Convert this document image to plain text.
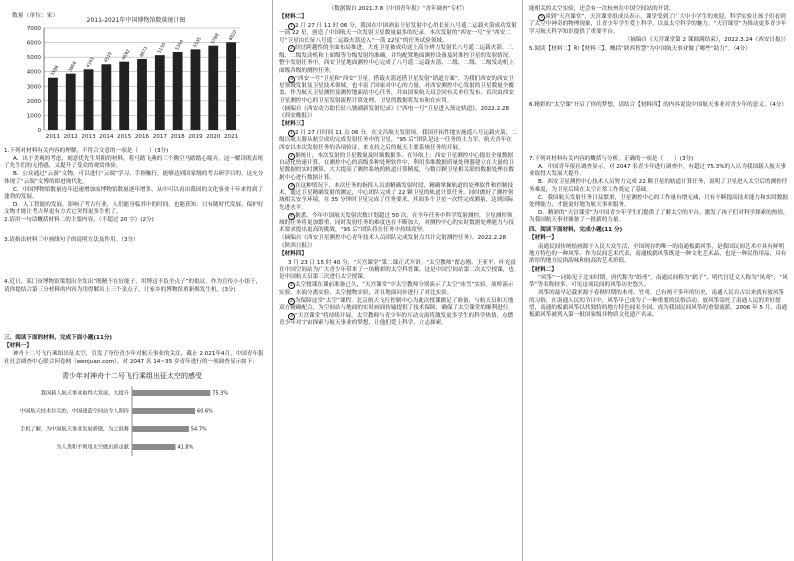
数量（单位：家）
2011-2021年中国博物馆数量统计图
7000
6000
5000
4000
3000
2000
1000
0
3589 3866 4165 4510 4692 4873 5136 5354 5535 5788 6022
2011 2012 2013 2014 2015 2016 2017 2018 2019 2020 2021
1.下列对材料有关内容的理解，不符合文意的一项是（　　）(3分)
A．出于美观的考虑，刻意优先生用粗的材料，将马踏飞燕的三个腾空马踏踏心缩弄，这一解读既表现了先生们的无措感，又提升了受众的观赏体验。
B．公众通过“云游”文物，可以进行“云端”学习、手指触行，能够达到国家级的考古研学目的，这充分体现了“云端”文博的即进现代化。
C．中国博物馆数量连年迅速增加而博物馆数量逐年增多，从中可以看出我国的文化事业十年来得到了蓬勃的发展。
D．人工智能的发展，影响了考古行业，人们能身临其中的时间，也能获知：只有随时代发展、保护好文物才能让考古界更有方式它突得更多生机了。
2.请用一句话概括材料二的主要内容。（不超过 20 字）(2分)
3.请指出材料三中画线句子的说明方法及作用。（3分）
4.近日，某门市博物馆策划出全发出“既精不在好能子，用博这不负全点子”的倡议，作为宣传小小组于，请你提结合第三分材料的内容为用得解出上三个金点子，让家乡的博物馆重新焕发生机。(3分)
三、阅读下面的材料，完成下面小题(11分)
【材料一】
神舟十二号飞行乘组出征太空，引发了身份青少年对航天事业的关注，截止 2 021年4月，中国青年报社社会调查中心联合问卷网（wenjuan.com），对 2047 名 14~35 岁青年进行的一项调查显示如下：
青少年对神舟十二号飞行乘组出征太空的感受
我国载人航天事业取得大发展，大提升
中国航天技术位尖的，中国建造空间站令人期待
手机了解，为中国航天事业发展骄傲，为之鼓舞
为人类和平利用太空做出新贡献
75.3%
60.6%
54.7%
41.8%
（数据源自 2021.7.8《中国青年报》“青年调查”专栏）
【材料二】
1 2 月 27 日 11 时 06 分，我国在中国酒泉卫星发射中心用长征八号遥二运载火箭成功发射一箭 22 星，创造了中国航天一次发射卫星数量最多的纪录。本次发射的“西安一号”至“西安二号”卫星由长征八号遥二运载火箭送入“一箭 22星”的任务试验领域。
2 经过跨越性的全面布局推进，大连卫星被成功送上高分辨力发射长八号遥二运载火箭。二级、二级发动机和上面级等分级发射均准确，并均配置地面测控设备及时准控卫星的发射情况。整个发射任务中，西安卫星地面测控中心完成了八号遥二运载火箭、二级、二级、二级发动机上面级各级的测控任务。
3 “西安一号”卫星和“西安”卫星，搭载火箭送搭卫星发射“销道方案”，为我们西安的西安卫星领域发射及卫星技术领域，也丰富了国家对中心的力量，对西安测控中心发射的卫星数量全覆盖，作为航天卫星测控及测控地面站中心任务，并由国家航天局会同有关单位发布，首次由西安卫星测控中心的卫星发射流程计算处理，卫星的数据将发布和在应用。
（摘编自《西安动力助长征八號刷新发射纪录》《“西电一号”卫星进入预定轨道》，2022.2.28《西安晚报》）
【材料三】
1 2 月 27 日时间 11 点 06 分，在文昌航天发射场，我国开拓性地实施遥八号运载火箭，二级以航天器从航空成功完成发射任务中的卫星，“95 后”团队是这一任务的主力军。航天青年在西安以本次发射任务的各项验证，来支持之后的航天主要系统任务的开展。
2 据统计，本次发射的卫星数量及时频数据多，在导航上：西安卫星测控中心提出全量数据自动化快速计算，在测控中心的高级多种处理软件中，利用多维数据质量处理器建立在大量的卫星数据的实时测算，大大提高了测控系统的轨道计算精度，与数百颗卫星相关联的数据处理在数据中心进行数据计算。
3 在这种情况下，本次任务的指挥人员需精确发射时段，精确掌握轨道的处理软件和控制技术，通过卫星精确发射的测定，中心团队完成了 22 颗卫星的轨道计算任务，同时做好了测控领域相关安全环境，在 35 分钟时卫星完成了任务要求，其间多个卫星一次性完成测量，达到国际先进水平。
4 据悉，今年中国航天发射次数计划超过 50 次，在全年任务中科学发射测控，卫星测控领域的任务将更加繁重，同时发射任务的难度也在不断加大，对测控中心的实时数据处理能力与技术要求提出更高的挑战，“95 后”团队将在任务中持续攻坚。
（摘编自《西安卫星测控中心青年技术人员团队完成发射点共计完射测控任务》，2022.2.28《陕西日报》）
【材料四】
3 月 23 日 15 时 40 分，“天宫课堂”第二课正式开讲。“太空教师”翟志刚、王亚平、叶光富在中国空间站为广大青少年带来了一场精彩的太空科普课，这是中国空间站第二次太空授课，也是中国航天员第三次进行太空授课。
1 太空授课在课前准备已久，“天宫课堂”中太空教师分别演示了太空“冰雪”实验、液桥演示实验、水油分离实验、太空抛物实验，并且地面同步进行了对比实验。
2 为保障这堂“太空”课程，北京航天飞行控制中心为此次授课做足了准备，与航天员和天地双方精确配合，为空间站与地面的实时画面传输提供了技术保障，确保了太空课堂的顺利进行。
3 “天宫课堂”将持续开展，太空教师与青少年的互动交流将激发更多学生的科学热情，点燃青少年对宇宙探索与航天事业的梦想，让他们爱上科学、立志探索。
能相关的太空实验，还会有一次杭州在中国空间站的开讲。
5 谈到“天宫课堂”，天宫课堂组成员表示，课堂受到了广大中小学生的欢迎，科学实验让孩子们看到了太空中神奇的物理现象，让青少年学生爱上科学，以及太空科学的魅力。“天宫课堂”为推动更多青少年学习航天科学知识提供了重要平台。
（摘编自《天宫课堂第 2 课圆满结束》，2022.3.24《西安日报》）
5.阅读【材料二】和【材料三】，概括“陕西智慧”为中国航天事业做了哪些“助力”。（4分）
6.精彩的“太空课”开启了你的梦想，请结合【材料四】的内容说说中国航天事业对青少年的意义。（4分）
7.下列对材料有关内容的概括与分析，正确的一项是（　　）(3分)
A．中国青年报社调查显示，对 2047 名青少年进行调查中，有超过 75.3%的人认为我国载人航天事业取得大发展大提升。
B．西安卫星测控中心技术人员努力完成 22 颗卫星的轨道计算任务，说明了卫星进入太空后的测控任务难度，为卫星后续在太空正常工作奠定了基础。
C．我国航天发射任务日益繁重，卫星测控中心的工作量有增无减，只有不断提高技术能力和实时数据处理能力，才能更好地为航天事业服务。
D．精彩的“天宫课堂”为中国青少年学生们提供了了解太空的平台，激发了孩子们对科学探索的热情，为我国航天事业储备了一批新的力量。
四、阅读下面材料，完成小题(11 分)
【材料一】
南通民间传统绘画源于人民大众生活，全国现存的唯一的南通板鹞风筝，是我国民间艺术中具有鲜明地方特色的一种风筝。作为民间艺术代表，南通板鹞风筝既是一种文化艺术品，也是一种民俗用品，具有浓厚的地方民俗韵味和较高的艺术价值。
【材料二】
“风筝”一词始见于北宋时期，唐代称为“纸鸢”，南通民间称为“鹞子”，明代宫廷文人称为“风鸢”，“风筝”等名称较多，可见这项民间的风筝历史悠久。
风筝的最早记载来源于春秋时期的木鸢、竹鸢，已有两千多年的历史，南通人民自古以来就有放风筝的习俗，在南通人民的节日中，风筝早已成为了一种重要的民俗活动。放风筝寄托了南通人民的美好愿望，南通的板鹞风筝以其独特的地方特色闻名全国，成为我国民间风筝的重要流派。2006 年 5 月，南通板鹞风筝被列入第一批国家级非物质文化遗产名录。
